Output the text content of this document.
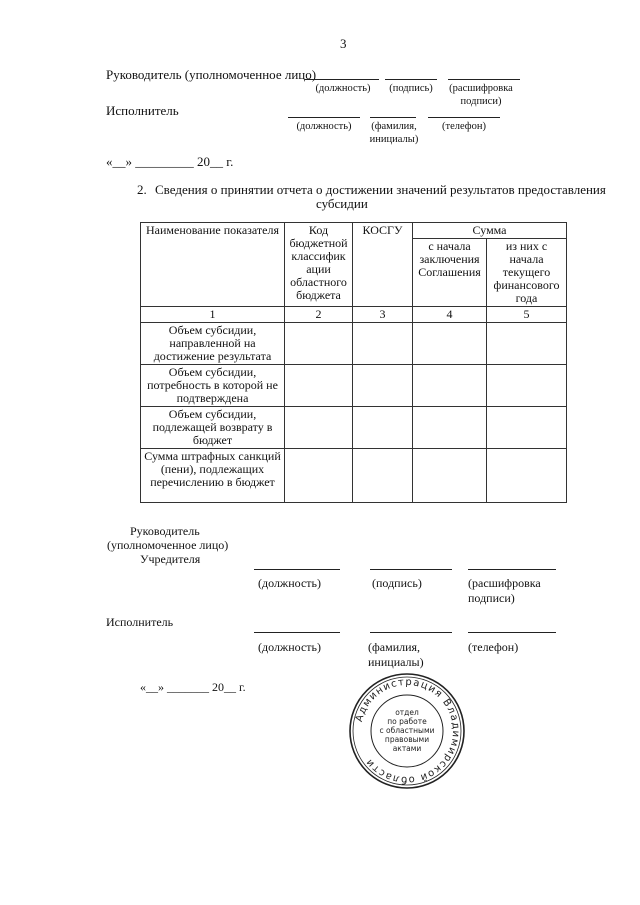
3
Руководитель (уполномоченное лицо)
(должность)	(подпись)	(расшифровка подписи)
Исполнитель
(должность)	(фамилия, инициалы)
(телефон)
«__» _________ 20__ г.
2. Сведения о принятии отчета о достижении значений результатов предоставления
субсидии
Наименование показателя	Код бюджетной классифик ации областного бюджета	КОСГУ	Сумма	
			с начала заключения Соглашения	из них с начала текущего финансового года
1	2	3	4	5
Объем субсидии, направленной на достижение результата				
Объем субсидии, потребность в которой не подтверждена				
Объем субсидии, подлежащей возврату в бюджет				
Сумма штрафных санкций (пени), подлежащих перечислению в бюджет				
Руководитель
(уполномоченное лицо)
Учредителя
(должность)	(подпись)	(расшифровка подписи)
Исполнитель
(должность)	(фамилия, инициалы)
(телефон)
«__» _______ 20__ г.
Администрация Владимирской области
отдел
по работе
с областными
правовыми
актами
